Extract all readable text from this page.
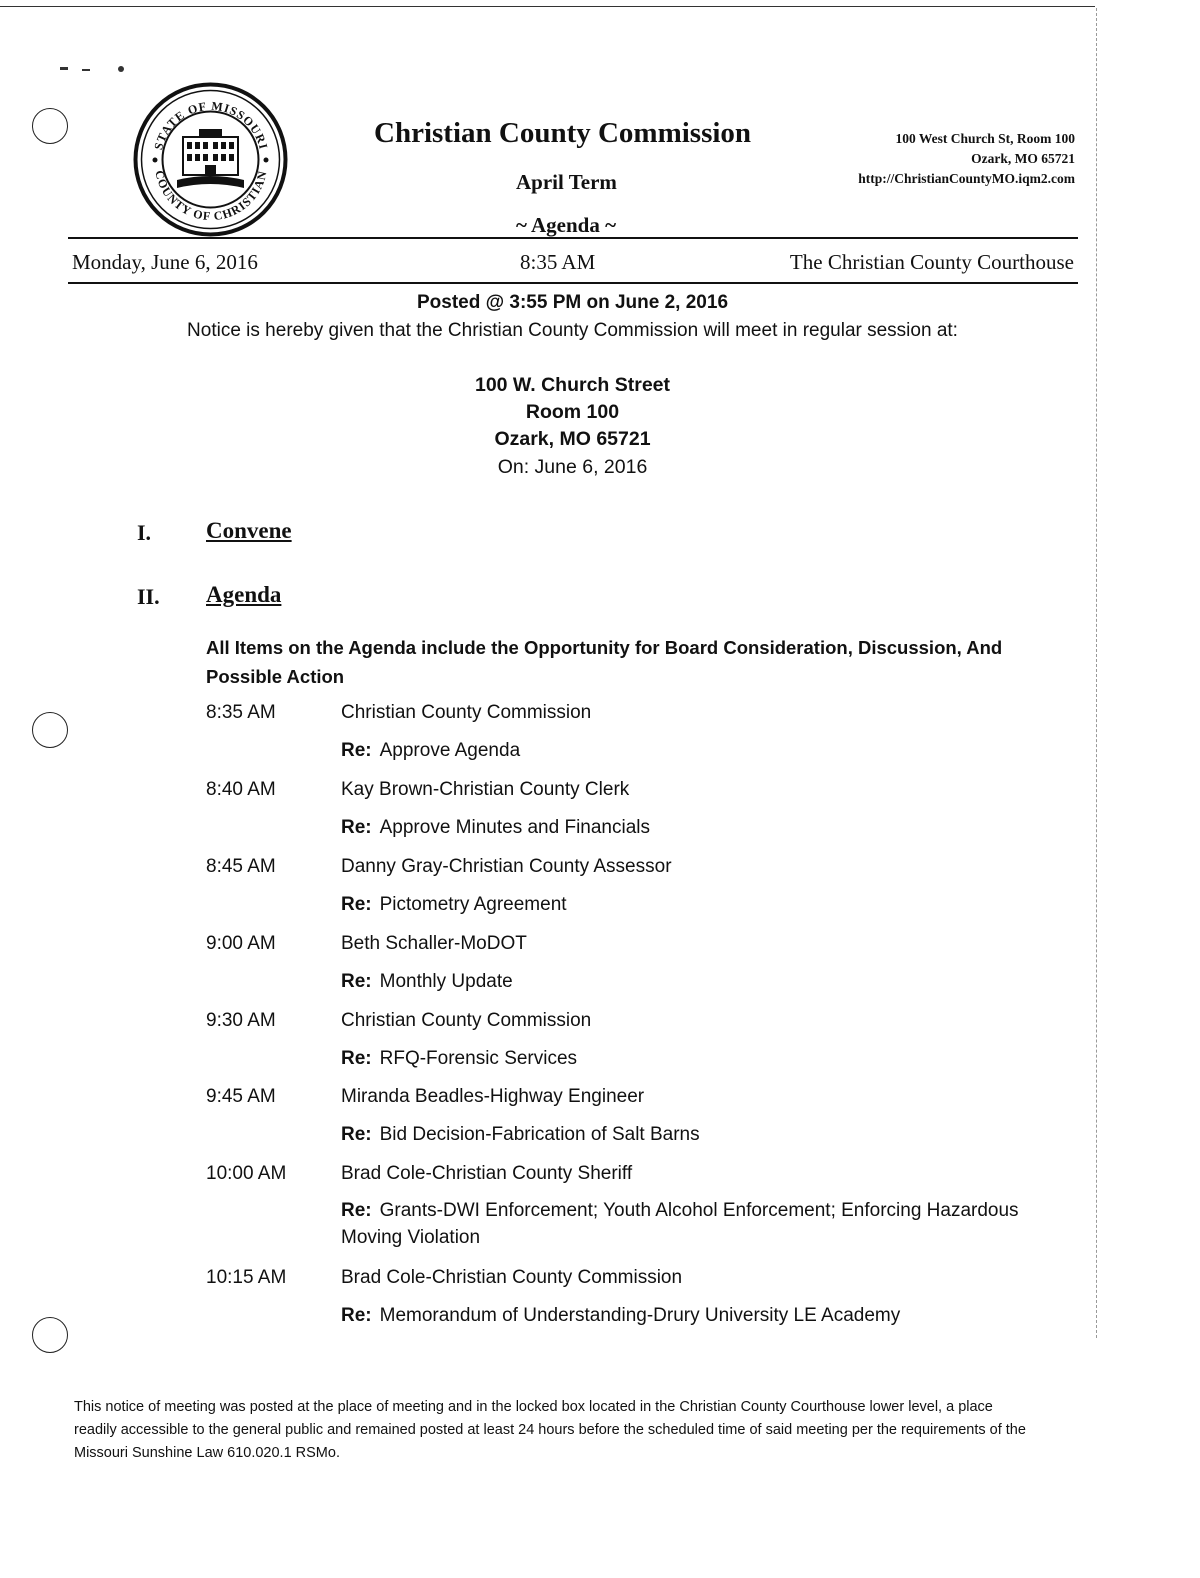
STATE OF MISSOURI
COUNTY OF CHRISTIAN
Christian County Commission
April Term
~ Agenda ~
100 West Church St, Room 100
Ozark, MO 65721
http://ChristianCountyMO.iqm2.com
Monday, June 6, 2016	8:35 AM	The Christian County Courthouse
Posted @ 3:55 PM on June 2, 2016
Notice is hereby given that the Christian County Commission will meet in regular session at:
100 W. Church Street
Room 100
Ozark, MO 65721
On: June 6, 2016
I. Convene
II. Agenda
All Items on the Agenda include the Opportunity for Board Consideration, Discussion, And Possible Action
8:35 AM	Christian County Commission
Re: Approve Agenda
8:40 AM	Kay Brown-Christian County Clerk
Re: Approve Minutes and Financials
8:45 AM	Danny Gray-Christian County Assessor
Re: Pictometry Agreement
9:00 AM	Beth Schaller-MoDOT
Re: Monthly Update
9:30 AM	Christian County Commission
Re: RFQ-Forensic Services
9:45 AM	Miranda Beadles-Highway Engineer
Re: Bid Decision-Fabrication of Salt Barns
10:00 AM	Brad Cole-Christian County Sheriff
Re: Grants-DWI Enforcement; Youth Alcohol Enforcement; Enforcing Hazardous Moving Violation
10:15 AM	Brad Cole-Christian County Commission
Re: Memorandum of Understanding-Drury University LE Academy
This notice of meeting was posted at the place of meeting and in the locked box located in the Christian County Courthouse lower level, a place readily accessible to the general public and remained posted at least 24 hours before the scheduled time of said meeting per the requirements of the Missouri Sunshine Law 610.020.1 RSMo.
